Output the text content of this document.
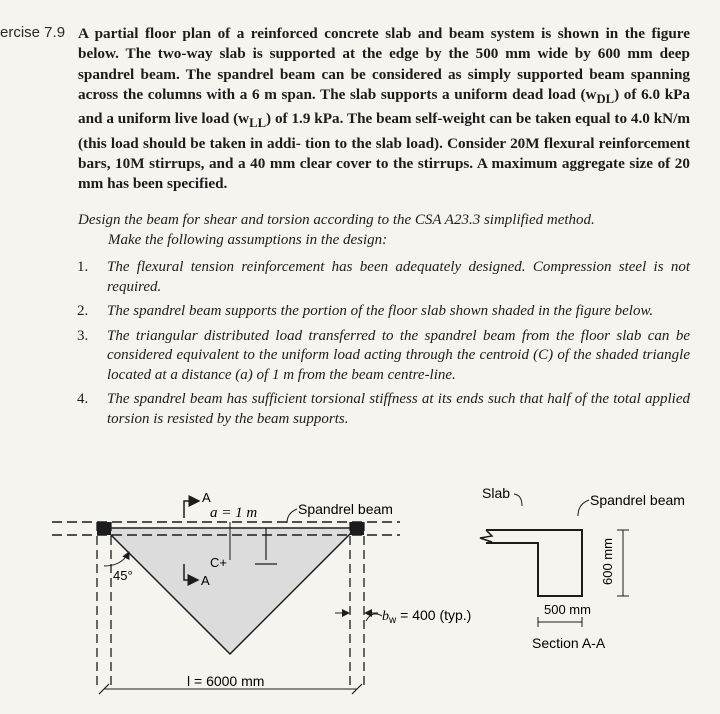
ercise 7.9 A partial floor plan of a reinforced concrete slab and beam system is shown in the figure below. The two-way slab is supported at the edge by the 500 mm wide by 600 mm deep spandrel beam. The spandrel beam can be considered as simply supported beam spanning across the columns with a 6 m span. The slab supports a uniform dead load $(w_{DL})$ of 6.0 kPa and a uniform live load $(w_{LL})$ of 1.9 kPa. The beam self-weight can be taken equal to 4.0 kN/m (this load should be taken in addi- tion to the slab load). Consider 20M flexural reinforcement bars, 10M stirrups, and a 40 mm clear cover to the stirrups. A maximum aggregate size of 20 mm has been specified.

Design the beam for shear and torsion according to the CSA A23.3 simplified method.
Make the following assumptions in the design:
1. The flexural tension reinforcement has been adequately designed. Compression steel is not required.
2. The spandrel beam supports the portion of the floor slab shown shaded in the figure below.
3. The triangular distributed load transferred to the spandrel beam from the floor slab can be considered equivalent to the uniform load acting through the centroid (C) of the shaded triangle located at a distance (a) of 1 m from the beam centre-line.
4. The spandrel beam has sufficient torsional stiffness at its ends such that half of the total applied torsion is resisted by the beam supports.
A
a = 1 m	Spandrel beam
C+
A
45°
$b_w = 400$ (typ.)
l = 6000 mm
Slab	Spandrel beam
600 mm
500 mm
Section A-A
